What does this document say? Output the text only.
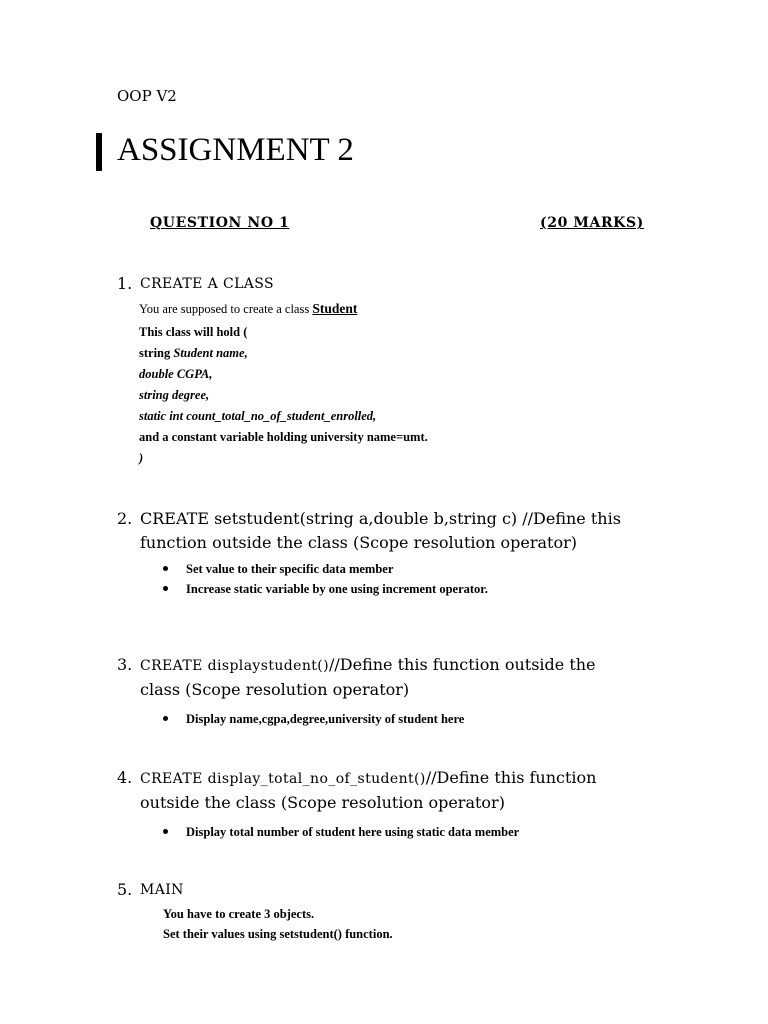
OOP V2
ASSIGNMENT 2
QUESTION NO 1	(20 MARKS)
1. CREATE A CLASS
You are supposed to create a class Student
This class will hold (
string Student name,
double CGPA,
string degree,
static int count_total_no_of_student_enrolled,
and a constant variable holding university name=umt.
)
2. CREATE setstudent(string a,double b,string c) //Define this
function outside the class (Scope resolution operator)
Set value to their specific data member
Increase static variable by one using increment operator.
3. CREATE displaystudent()//Define this function outside the
class (Scope resolution operator)
Display name,cgpa,degree,university of student here
4. CREATE display_total_no_of_student()//Define this function
outside the class (Scope resolution operator)
Display total number of student here using static data member
5. MAIN
You have to create 3 objects.
Set their values using setstudent() function.
